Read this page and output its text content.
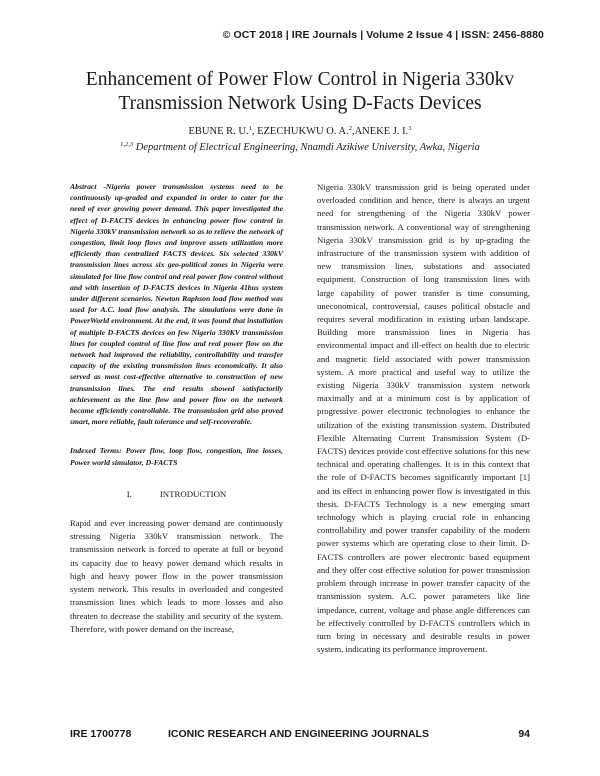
© OCT 2018 | IRE Journals | Volume 2 Issue 4 | ISSN: 2456-8880
Enhancement of Power Flow Control in Nigeria 330kv Transmission Network Using D-Facts Devices
EBUNE R. U.$^1$, EZECHUKWU O. A.$^2$,ANEKE J. I.$^3$
$^{1,2,3}$ Department of Electrical Engineering, Nnamdi Azikiwe University, Awka, Nigeria
Abstract -Nigeria power transmission systems need to be continuously up-graded and expanded in order to cater for the need of ever growing power demand. This paper investigated the effect of D-FACTS devices in enhancing power flow control in Nigeria 330kV transmission network so as to relieve the network of congestion, limit loop flows and improve assets utilization more efficiently than centralized FACTS devices. Six selected 330kV transmission lines across six geo-political zones in Nigeria were simulated for line flow control and real power flow control without and with insertion of D-FACTS devices in Nigeria 41bus system under different scenarios. Newton Raphson load flow method was used for A.C. load flow analysis. The simulations were done in PowerWorld environment. At the end, it was found that installation of multiple D-FACTS devices on few Nigeria 330KV transmission lines for coupled control of line flow and real power flow on the network had improved the reliability, controllability and transfer capacity of the existing transmission lines economically. It also served as most cost-effective alternative to construction of new transmission lines. The end results showed satisfactorily achievement as the line flow and power flow on the network became efficiently controllable. The transmission grid also proved smart, more reliable, fault tolerance and self-recoverable.
Indexed Terms: Power flow, loop flow, congestion, line losses, Power world simulator, D-FACTS
I.	INTRODUCTION
Rapid and ever increasing power demand are continuously stressing Nigeria 330kV transmission network. The transmission network is forced to operate at full or beyond its capacity due to heavy power demand which results in high and heavy power flow in the power transmission system network. This results in overloaded and congested transmission lines which leads to more losses and also threaten to decrease the stability and security of the system. Therefore, with power demand on the increase,
Nigeria 330kV transmission grid is being operated under overloaded condition and hence, there is always an urgent need for strengthening of the Nigeria 330kV power transmission network. A conventional way of strengthening Nigeria 330kV transmission grid is by up-grading the infrastructure of the transmission system with addition of new transmission lines, substations and associated equipment. Construction of long transmission lines with large capability of power transfer is time consuming, uneconomical, controversial, causes political obstacle and requires several modification in existing urban landscape. Building more transmission lines in Nigeria has environmental impact and ill-effect on health due to electric and magnetic field associated with power transmission system. A more practical and useful way to utilize the existing Nigeria 330kV transmission system network maximally and at a minimum cost is by application of progressive power electronic technologies to enhance the utilization of the existing transmission system. Distributed Flexible Alternating Current Transmission System (D-FACTS) devices provide cost effective solutions for this new technical and operating challenges. It is in this context that the role of D-FACTS becomes significantly important [1] and its effect in enhancing power flow is investigated in this thesis. D-FACTS Technology is a new emerging smart technology which is playing crucial role in enhancing controllability and power transfer capability of the modern power systems which are operating close to their limit. D-FACTS controllers are power electronic based equipment and they offer cost effective solution for power transmission problem through increase in power transfer capacity of the transmission system. A.C. power parameters like line impedance, current, voltage and phase angle differences can be effectively controlled by D-FACTS controllers which in turn bring in necessary and desirable results in power system, indicating its performance improvement.
IRE 1700778	ICONIC RESEARCH AND ENGINEERING JOURNALS	94
